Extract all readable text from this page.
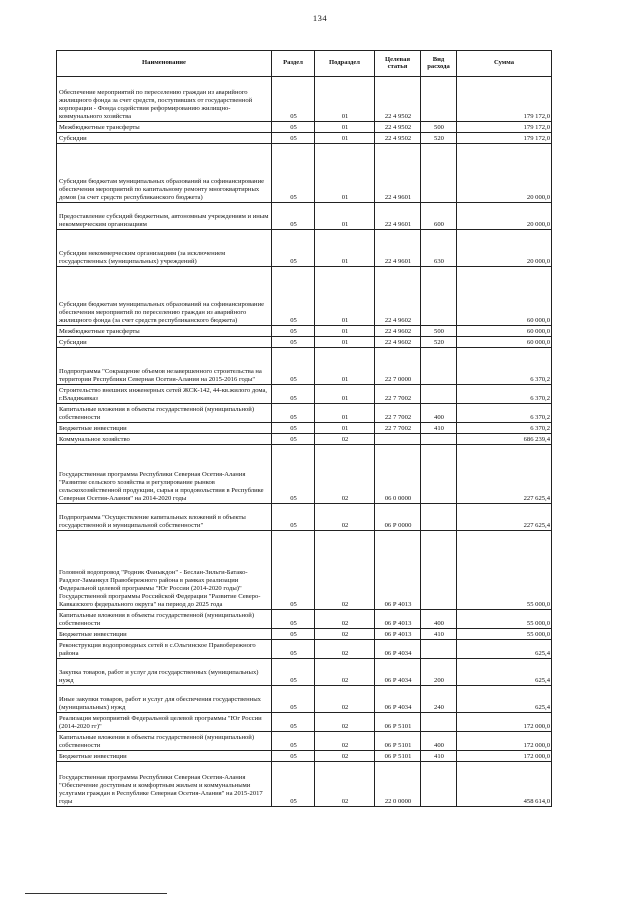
134
Наименование	Раздел	Подраздел	Целевая статья	Вид расхода	Сумма
Обеспечение мероприятий по переселению граждан из аварийного жилищного фонда за счет средств, поступивших от государственной корпорации - Фонда содействия реформированию жилищно-коммунального хозяйства	05	01	22 4 9502		179 172,0
Межбюджетные трансферты	05	01	22 4 9502	500	179 172,0
Субсидии	05	01	22 4 9502	520	179 172,0
Субсидии бюджетам муниципальных образований на софинансирование обеспечения мероприятий по капитальному ремонту многоквартирных домов (за счет средств республиканского бюджета)	05	01	22 4 9601		20 000,0
Предоставление субсидий бюджетным, автономным учреждениям и иным некоммерческим организациям	05	01	22 4 9601	600	20 000,0
Субсидии некоммерческим организациям (за исключением государственных (муниципальных) учреждений)	05	01	22 4 9601	630	20 000,0
Субсидии бюджетам муниципальных образований на софинансирование обеспечения мероприятий по переселению граждан из аварийного жилищного фонда (за счет средств республиканского бюджета)	05	01	22 4 9602		60 000,0
Межбюджетные трансферты	05	01	22 4 9602	500	60 000,0
Субсидии	05	01	22 4 9602	520	60 000,0
Подпрограмма "Сокращение объемов незавершенного строительства на территории Республики Северная Осетия-Алания на 2015-2016 годы"	05	01	22 7 0000		6 370,2
Строительство внешних инженерных сетей ЖСК-142, 44-кв.жилого дома, г.Владикавказ	05	01	22 7 7002		6 370,2
Капитальные вложения в объекты государственной (муниципальной) собственности	05	01	22 7 7002	400	6 370,2
Бюджетные инвестиции	05	01	22 7 7002	410	6 370,2
Коммунальное хозяйство	05	02			686 239,4
Государственная программа Республики Северная Осетия-Алания "Развитие сельского хозяйства и регулирование рынков сельскохозяйственной продукции, сырья и продовольствия в Республике Северная Осетия-Алания" на 2014-2020 годы	05	02	06 0 0000		227 625,4
Подпрограмма "Осуществление капитальных вложений в объекты государственной и муниципальной собственности"	05	02	06 Р 0000		227 625,4
Головной водопровод "Родник Фаныкдон" - Беслан-Зильги-Батако-Раздзог-Заманкул Правобережного района в рамках реализации Федеральной целевой программы "Юг России (2014-2020 годы)" Государственной программы Российской Федерации "Развитие Северо-Кавказского федерального округа" на период до 2025 года	05	02	06 Р 4013		55 000,0
Капитальные вложения в объекты государственной (муниципальной) собственности	05	02	06 Р 4013	400	55 000,0
Бюджетные инвестиции	05	02	06 Р 4013	410	55 000,0
Реконструкция водопроводных сетей в с.Ольгинское Правобережного района	05	02	06 Р 4034		625,4
Закупка товаров, работ и услуг для государственных (муниципальных) нужд	05	02	06 Р 4034	200	625,4
Иные закупки товаров, работ и услуг для обеспечения государственных (муниципальных) нужд	05	02	06 Р 4034	240	625,4
Реализация мероприятий Федеральной целевой программы "Юг России (2014-2020 гг)"	05	02	06 Р 5101		172 000,0
Капитальные вложения в объекты государственной (муниципальной) собственности	05	02	06 Р 5101	400	172 000,0
Бюджетные инвестиции	05	02	06 Р 5101	410	172 000,0
Государственная программа Республики Северная Осетия-Алания "Обеспечение доступным и комфортным жильем и коммунальными услугами граждан в Республике Северная Осетия-Алания" на 2015-2017 годы	05	02	22 0 0000		458 614,0
